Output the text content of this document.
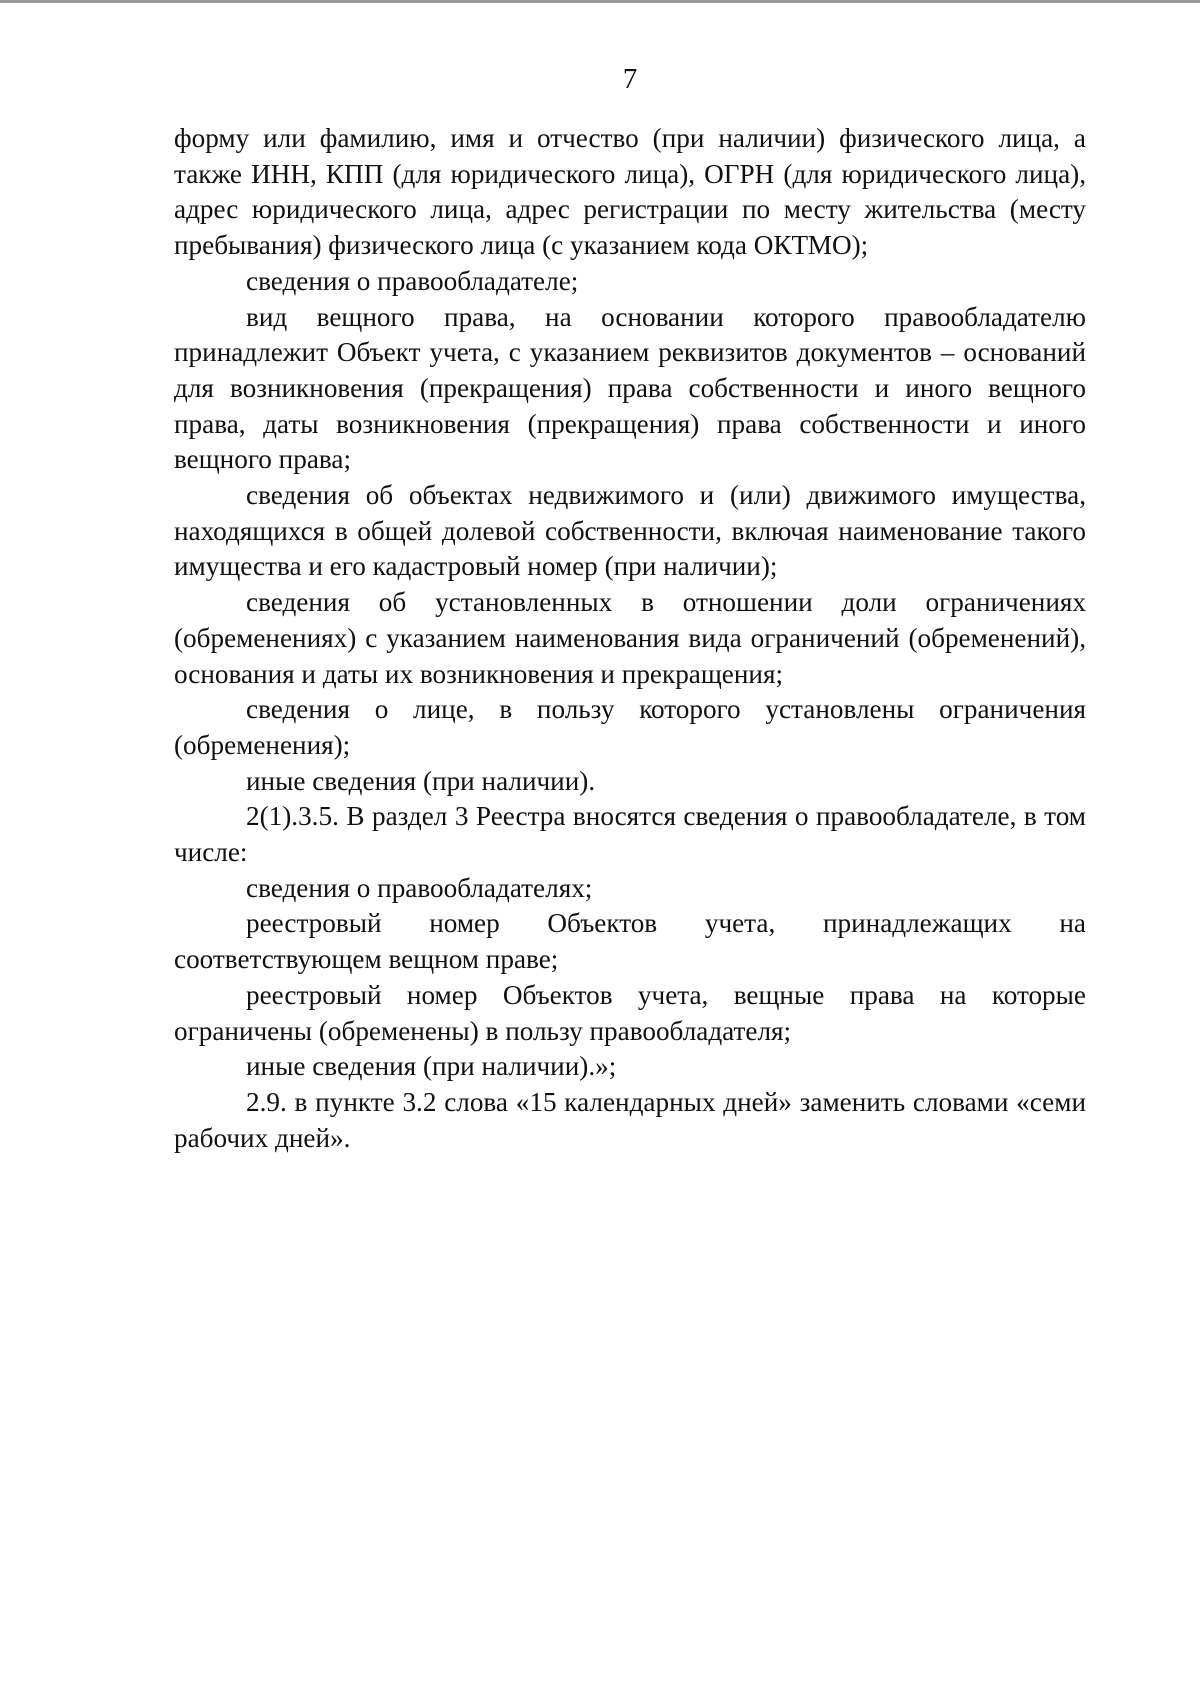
7

форму или фамилию, имя и отчество (при наличии) физического лица, а также ИНН, КПП (для юридического лица), ОГРН (для юридического лица), адрес юридического лица, адрес регистрации по месту жительства (месту пребывания) физического лица (с указанием кода ОКТМО);

сведения о правообладателе;

вид вещного права, на основании которого правообладателю принадлежит Объект учета, с указанием реквизитов документов – оснований для возникновения (прекращения) права собственности и иного вещного права, даты возникновения (прекращения) права собственности и иного вещного права;

сведения об объектах недвижимого и (или) движимого имущества, находящихся в общей долевой собственности, включая наименование такого имущества и его кадастровый номер (при наличии);

сведения об установленных в отношении доли ограничениях (обременениях) с указанием наименования вида ограничений (обременений), основания и даты их возникновения и прекращения;

сведения о лице, в пользу которого установлены ограничения (обременения);

иные сведения (при наличии).

2(1).3.5. В раздел 3 Реестра вносятся сведения о правообладателе, в том числе:

сведения о правообладателях;

реестровый номер Объектов учета, принадлежащих на соответствующем вещном праве;

реестровый номер Объектов учета, вещные права на которые ограничены (обременены) в пользу правообладателя;

иные сведения (при наличии).»;

2.9. в пункте 3.2 слова «15 календарных дней» заменить словами «семи рабочих дней».
